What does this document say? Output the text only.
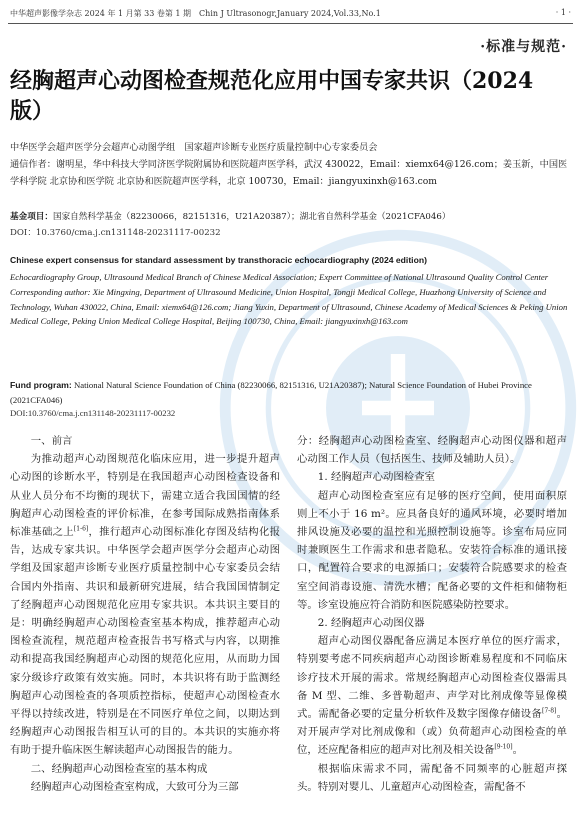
中华超声影像学杂志 2024 年 1 月第 33 卷第 1 期　Chin J Ultrasonogr,January 2024,Vol.33,No.1	· 1 ·
·标准与规范·
经胸超声心动图检查规范化应用中国专家共识（2024 版）
中华医学会超声医学分会超声心动图学组　国家超声诊断专业医疗质量控制中心专家委员会
通信作者：谢明星，华中科技大学同济医学院附属协和医院超声医学科，武汉 430022，Email：xiemx64@126.com；姜玉新，中国医学科学院 北京协和医学院 北京协和医院超声医学科，北京 100730，Email：jiangyuxinxh@163.com
基金项目：国家自然科学基金（82230066，82151316，U21A20387）；湖北省自然科学基金（2021CFA046）
DOI：10.3760/cma.j.cn131148-20231117-00232
Chinese expert consensus for standard assessment by transthoracic echocardiography (2024 edition)
Echocardiography Group, Ultrasound Medical Branch of Chinese Medical Association; Expert Committee of National Ultrasound Quality Control Center
Corresponding author: Xie Mingxing, Department of Ultrasound Medicine, Union Hospital, Tongji Medical College, Huazhong University of Science and Technology, Wuhan 430022, China, Email: xiemx64@126.com; Jiang Yuxin, Department of Ultrasound, Chinese Academy of Medical Sciences & Peking Union Medical College, Peking Union Medical College Hospital, Beijing 100730, China, Email: jiangyuxinxh@163.com
Fund program: National Natural Science Foundation of China (82230066, 82151316, U21A20387); Natural Science Foundation of Hubei Province (2021CFA046)
DOI:10.3760/cma.j.cn131148-20231117-00232

一、前言

为推动超声心动图规范化临床应用，进一步提升超声心动图的诊断水平，特别是在我国超声心动图检查设备和从业人员分布不均衡的现状下，需建立适合我国国情的经胸超声心动图检查的评价标准，在参考国际成熟指南体系标准基础之上[1-6]，推行超声心动图标准化存图及结构化报告，达成专家共识。中华医学会超声医学分会超声心动图学组及国家超声诊断专业医疗质量控制中心专家委员会结合国内外指南、共识和最新研究进展，结合我国国情制定了经胸超声心动图规范化应用专家共识。本共识主要目的是：明确经胸超声心动图检查室基本构成，推荐超声心动图检查流程，规范超声检查报告书写格式与内容，以期推动和提高我国经胸超声心动图的规范化应用，从而助力国家分级诊疗政策有效实施。同时，本共识将有助于监测经胸超声心动图检查的各项质控指标，使超声心动图检查水平得以持续改进，特别是在不同医疗单位之间，以期达到经胸超声心动图报告相互认可的目的。本共识的实施亦将有助于提升临床医生解读超声心动图报告的能力。

二、经胸超声心动图检查室的基本构成

经胸超声心动图检查室构成，大致可分为三部

分：经胸超声心动图检查室、经胸超声心动图仪器和超声心动图工作人员（包括医生、技师及辅助人员）。

1. 经胸超声心动图检查室

超声心动图检查室应有足够的医疗空间，使用面积原则上不小于 16 m²。应具备良好的通风环境，必要时增加排风设施及必要的温控和光照控制设施等。诊室布局应同时兼顾医生工作需求和患者隐私。安装符合标准的通讯接口，配置符合要求的电源插口；安装符合院感要求的检查室空间消毒设施、清洗水槽；配备必要的文件柜和储物柜等。诊室设施应符合消防和医院感染防控要求。

2. 经胸超声心动图仪器

超声心动图仪器配备应满足本医疗单位的医疗需求，特别要考虑不同疾病超声心动图诊断难易程度和不同临床诊疗技术开展的需求。常规经胸超声心动图检查仪器需具备 M 型、二维、多普勒超声、声学对比剂成像等显像模式。需配备必要的定量分析软件及数字图像存储设备[7-8]。对开展声学对比剂成像和（或）负荷超声心动图检查的单位，还应配备相应的超声对比剂及相关设备[9-10]。

根据临床需求不同，需配备不同频率的心脏超声探头。特别对婴儿、儿童超声心动图检查，需配备不
